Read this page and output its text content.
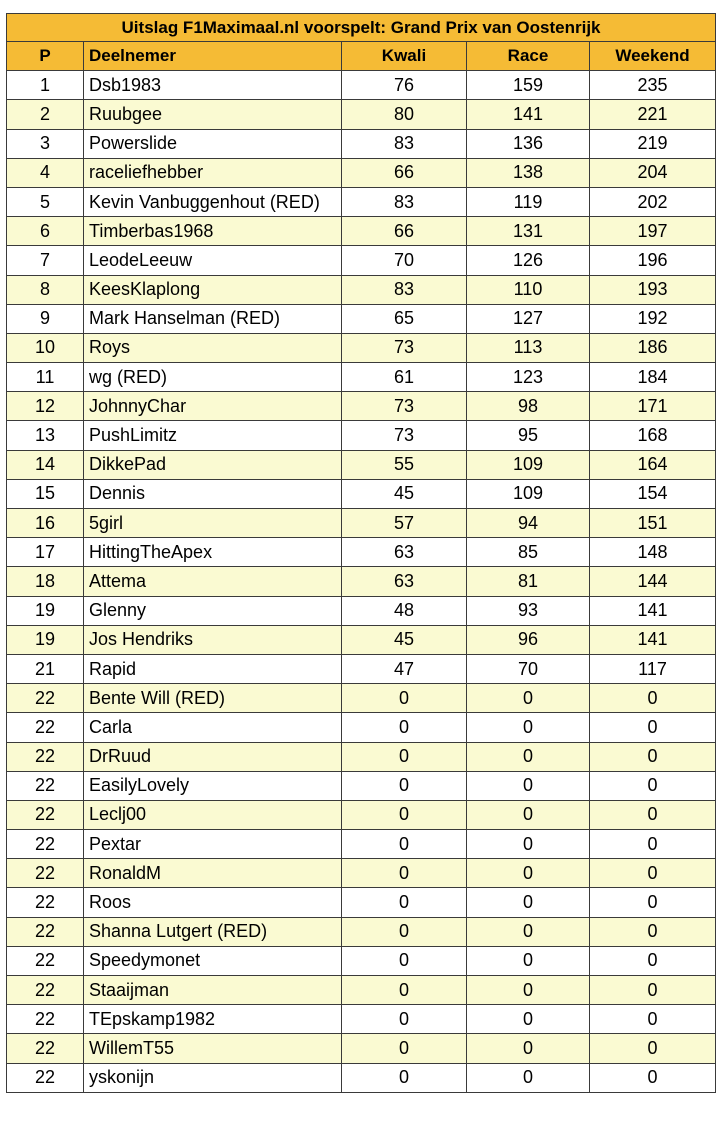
Uitslag F1Maximaal.nl voorspelt: Grand Prix van Oostenrijk				
P	Deelnemer	Kwali	Race	Weekend
1	Dsb1983	76	159	235
2	Ruubgee	80	141	221
3	Powerslide	83	136	219
4	raceliefhebber	66	138	204
5	Kevin Vanbuggenhout (RED)	83	119	202
6	Timberbas1968	66	131	197
7	LeodeLeeuw	70	126	196
8	KeesKlaplong	83	110	193
9	Mark Hanselman (RED)	65	127	192
10	Roys	73	113	186
11	wg (RED)	61	123	184
12	JohnnyChar	73	98	171
13	PushLimitz	73	95	168
14	DikkePad	55	109	164
15	Dennis	45	109	154
16	5girl	57	94	151
17	HittingTheApex	63	85	148
18	Attema	63	81	144
19	Glenny	48	93	141
19	Jos Hendriks	45	96	141
21	Rapid	47	70	117
22	Bente Will (RED)	0	0	0
22	Carla	0	0	0
22	DrRuud	0	0	0
22	EasilyLovely	0	0	0
22	Leclj00	0	0	0
22	Pextar	0	0	0
22	RonaldM	0	0	0
22	Roos	0	0	0
22	Shanna Lutgert (RED)	0	0	0
22	Speedymonet	0	0	0
22	Staaijman	0	0	0
22	TEpskamp1982	0	0	0
22	WillemT55	0	0	0
22	yskonijn	0	0	0
